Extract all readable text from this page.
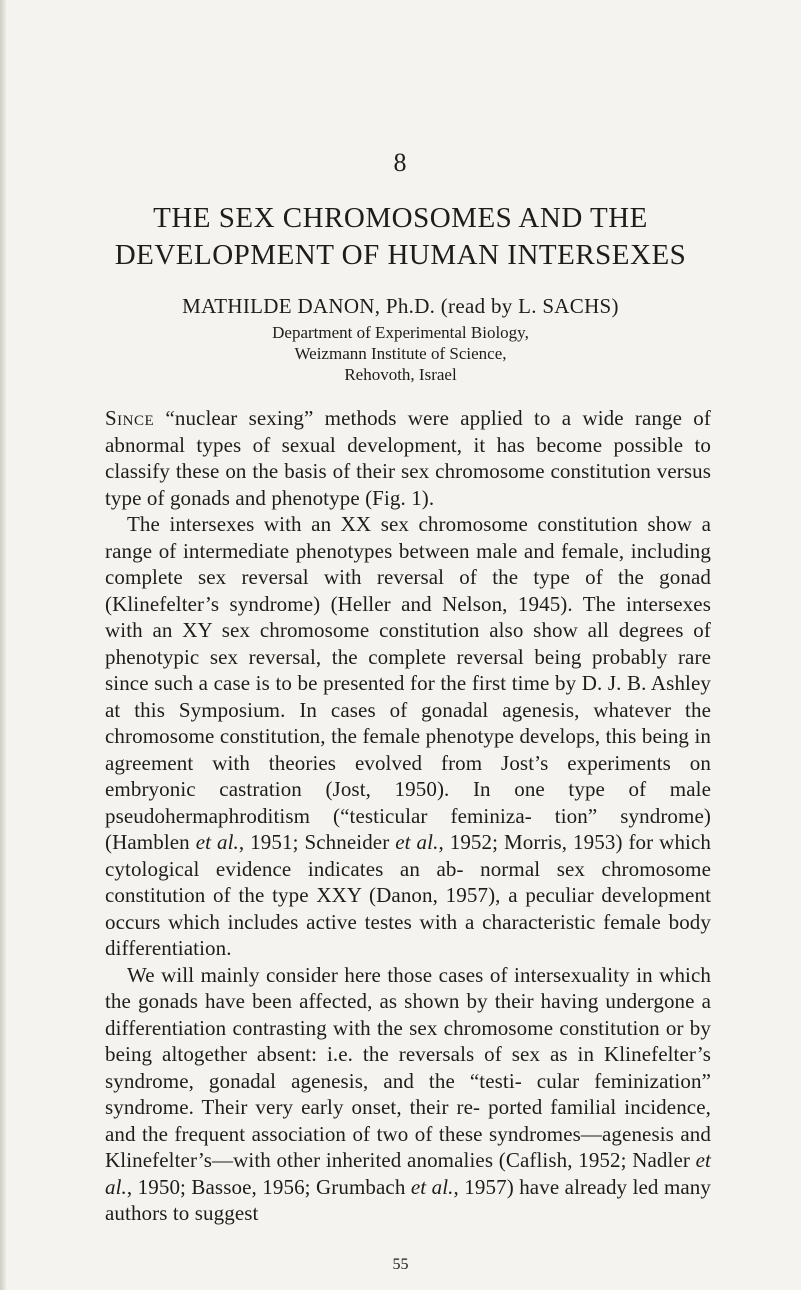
8
THE SEX CHROMOSOMES AND THE
DEVELOPMENT OF HUMAN INTERSEXES
MATHILDE DANON, Ph.D. (read by L. SACHS)
Department of Experimental Biology,
Weizmann Institute of Science,
Rehovoth, Israel

Since “nuclear sexing” methods were applied to a wide range of abnormal types of sexual development, it has become possible to classify these on the basis of their sex chromosome constitution versus type of gonads and phenotype (Fig. 1).

The intersexes with an XX sex chromosome constitution show a range of intermediate phenotypes between male and female, including complete sex reversal with reversal of the type of the gonad (Klinefelter’s syndrome) (Heller and Nelson, 1945). The intersexes with an XY sex chromosome constitution also show all degrees of phenotypic sex reversal, the complete reversal being probably rare since such a case is to be presented for the first time by D. J. B. Ashley at this Symposium. In cases of gonadal agenesis, whatever the chromosome constitution, the female phenotype develops, this being in agreement with theories evolved from Jost’s experiments on embryonic castration (Jost, 1950). In one type of male pseudohermaphroditism (“testicular feminiza- tion” syndrome) (Hamblen et al., 1951; Schneider et al., 1952; Morris, 1953) for which cytological evidence indicates an ab- normal sex chromosome constitution of the type XXY (Danon, 1957), a peculiar development occurs which includes active testes with a characteristic female body differentiation.

We will mainly consider here those cases of intersexuality in which the gonads have been affected, as shown by their having undergone a differentiation contrasting with the sex chromosome constitution or by being altogether absent: i.e. the reversals of sex as in Klinefelter’s syndrome, gonadal agenesis, and the “testi- cular feminization” syndrome. Their very early onset, their re- ported familial incidence, and the frequent association of two of these syndromes—agenesis and Klinefelter’s—with other inherited anomalies (Caflish, 1952; Nadler et al., 1950; Bassoe, 1956; Grumbach et al., 1957) have already led many authors to suggest

55
